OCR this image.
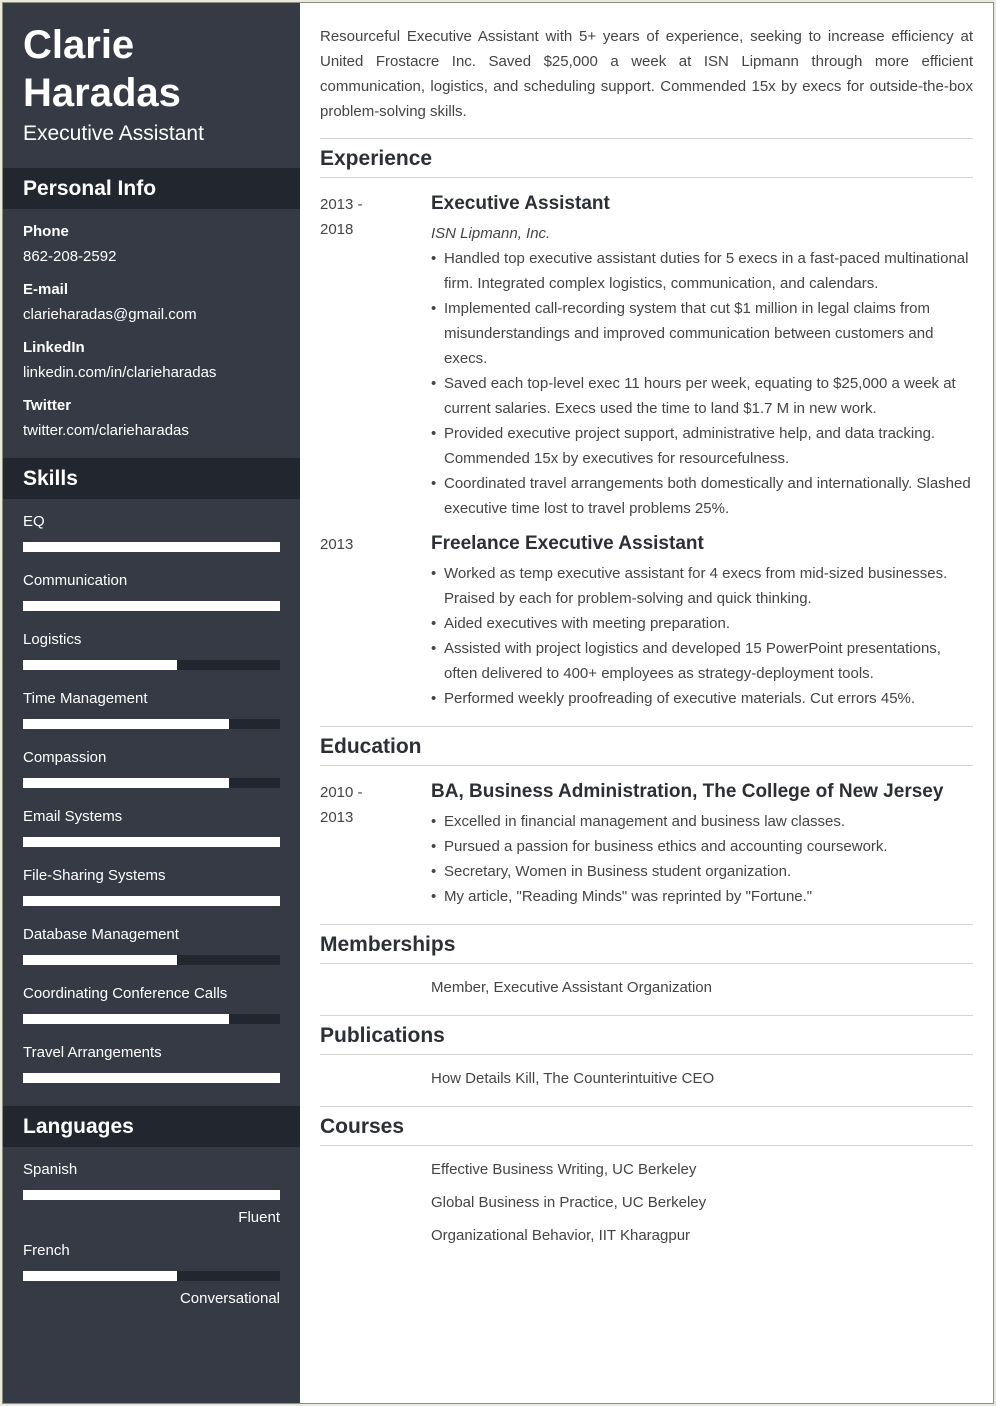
Clarie Haradas
Executive Assistant
Personal Info
Phone
862-208-2592
E-mail
clarieharadas@gmail.com
LinkedIn
linkedin.com/in/clarieharadas
Twitter
twitter.com/clarieharadas
Skills
EQ
Communication
Logistics
Time Management
Compassion
Email Systems
File-Sharing Systems
Database Management
Coordinating Conference Calls
Travel Arrangements
Languages
Spanish
Fluent
French
Conversational
Resourceful Executive Assistant with 5+ years of experience, seeking to increase efficiency at United Frostacre Inc. Saved $25,000 a week at ISN Lipmann through more efficient communication, logistics, and scheduling support. Commended 15x by execs for outside-the-box problem-solving skills.
Experience
2013 -
2018
Executive Assistant
ISN Lipmann, Inc.
• Handled top executive assistant duties for 5 execs in a fast-paced multinational firm. Integrated complex logistics, communication, and calendars.
• Implemented call-recording system that cut $1 million in legal claims from misunderstandings and improved communication between customers and execs.
• Saved each top-level exec 11 hours per week, equating to $25,000 a week at current salaries. Execs used the time to land $1.7 M in new work.
• Provided executive project support, administrative help, and data tracking. Commended 15x by executives for resourcefulness.
• Coordinated travel arrangements both domestically and internationally. Slashed executive time lost to travel problems 25%.
2013	Freelance Executive Assistant
• Worked as temp executive assistant for 4 execs from mid-sized businesses. Praised by each for problem-solving and quick thinking.
• Aided executives with meeting preparation.
• Assisted with project logistics and developed 15 PowerPoint presentations, often delivered to 400+ employees as strategy-deployment tools.
• Performed weekly proofreading of executive materials. Cut errors 45%.
Education
2010 -
2013
BA, Business Administration, The College of New Jersey
• Excelled in financial management and business law classes.
• Pursued a passion for business ethics and accounting coursework.
• Secretary, Women in Business student organization.
• My article, "Reading Minds" was reprinted by "Fortune."
Memberships
Member, Executive Assistant Organization
Publications
How Details Kill, The Counterintuitive CEO
Courses
Effective Business Writing, UC Berkeley
Global Business in Practice, UC Berkeley
Organizational Behavior, IIT Kharagpur
